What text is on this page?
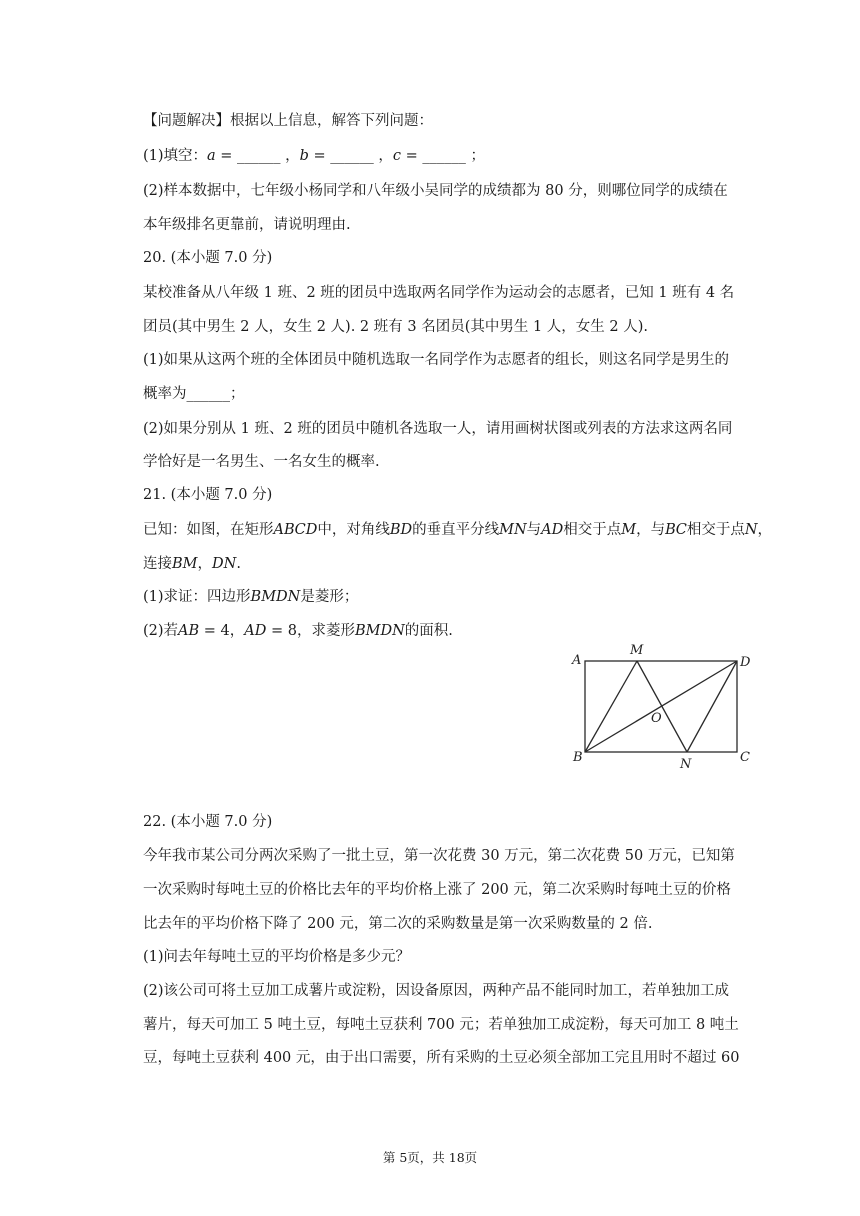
【问题解决】根据以上信息，解答下列问题：
(1)填空：𝑎 = ______ ，𝑏 = ______ ，𝑐 = ______ ；
(2)样本数据中，七年级小杨同学和八年级小吴同学的成绩都为 80 分，则哪位同学的成绩在
本年级排名更靠前，请说明理由.
20. (本小题 7.0 分)
某校准备从八年级 1 班、2 班的团员中选取两名同学作为运动会的志愿者，已知 1 班有 4 名
团员(其中男生 2 人，女生 2 人). 2 班有 3 名团员(其中男生 1 人，女生 2 人).
(1)如果从这两个班的全体团员中随机选取一名同学作为志愿者的组长，则这名同学是男生的
概率为______；
(2)如果分别从 1 班、2 班的团员中随机各选取一人，请用画树状图或列表的方法求这两名同
学恰好是一名男生、一名女生的概率.
21. (本小题 7.0 分)
已知：如图，在矩形𝐴𝐵𝐶𝐷中，对角线𝐵𝐷的垂直平分线𝑀𝑁与𝐴𝐷相交于点𝑀，与𝐵𝐶相交于点𝑁，
连接𝐵𝑀，𝐷𝑁.
(1)求证：四边形𝐵𝑀𝐷𝑁是菱形；
(2)若𝐴𝐵 = 4，𝐴𝐷 = 8，求菱形𝐵𝑀𝐷𝑁的面积.
22. (本小题 7.0 分)
今年我市某公司分两次采购了一批土豆，第一次花费 30 万元，第二次花费 50 万元，已知第
一次采购时每吨土豆的价格比去年的平均价格上涨了 200 元，第二次采购时每吨土豆的价格
比去年的平均价格下降了 200 元，第二次的采购数量是第一次采购数量的 2 倍.
(1)问去年每吨土豆的平均价格是多少元？
(2)该公司可将土豆加工成薯片或淀粉，因设备原因，两种产品不能同时加工，若单独加工成
薯片，每天可加工 5 吨土豆，每吨土豆获利 700 元；若单独加工成淀粉，每天可加工 8 吨土
豆，每吨土豆获利 400 元，由于出口需要，所有采购的土豆必须全部加工完且用时不超过 60
A
M
D
O
B	N	C
第 5页，共 18页
